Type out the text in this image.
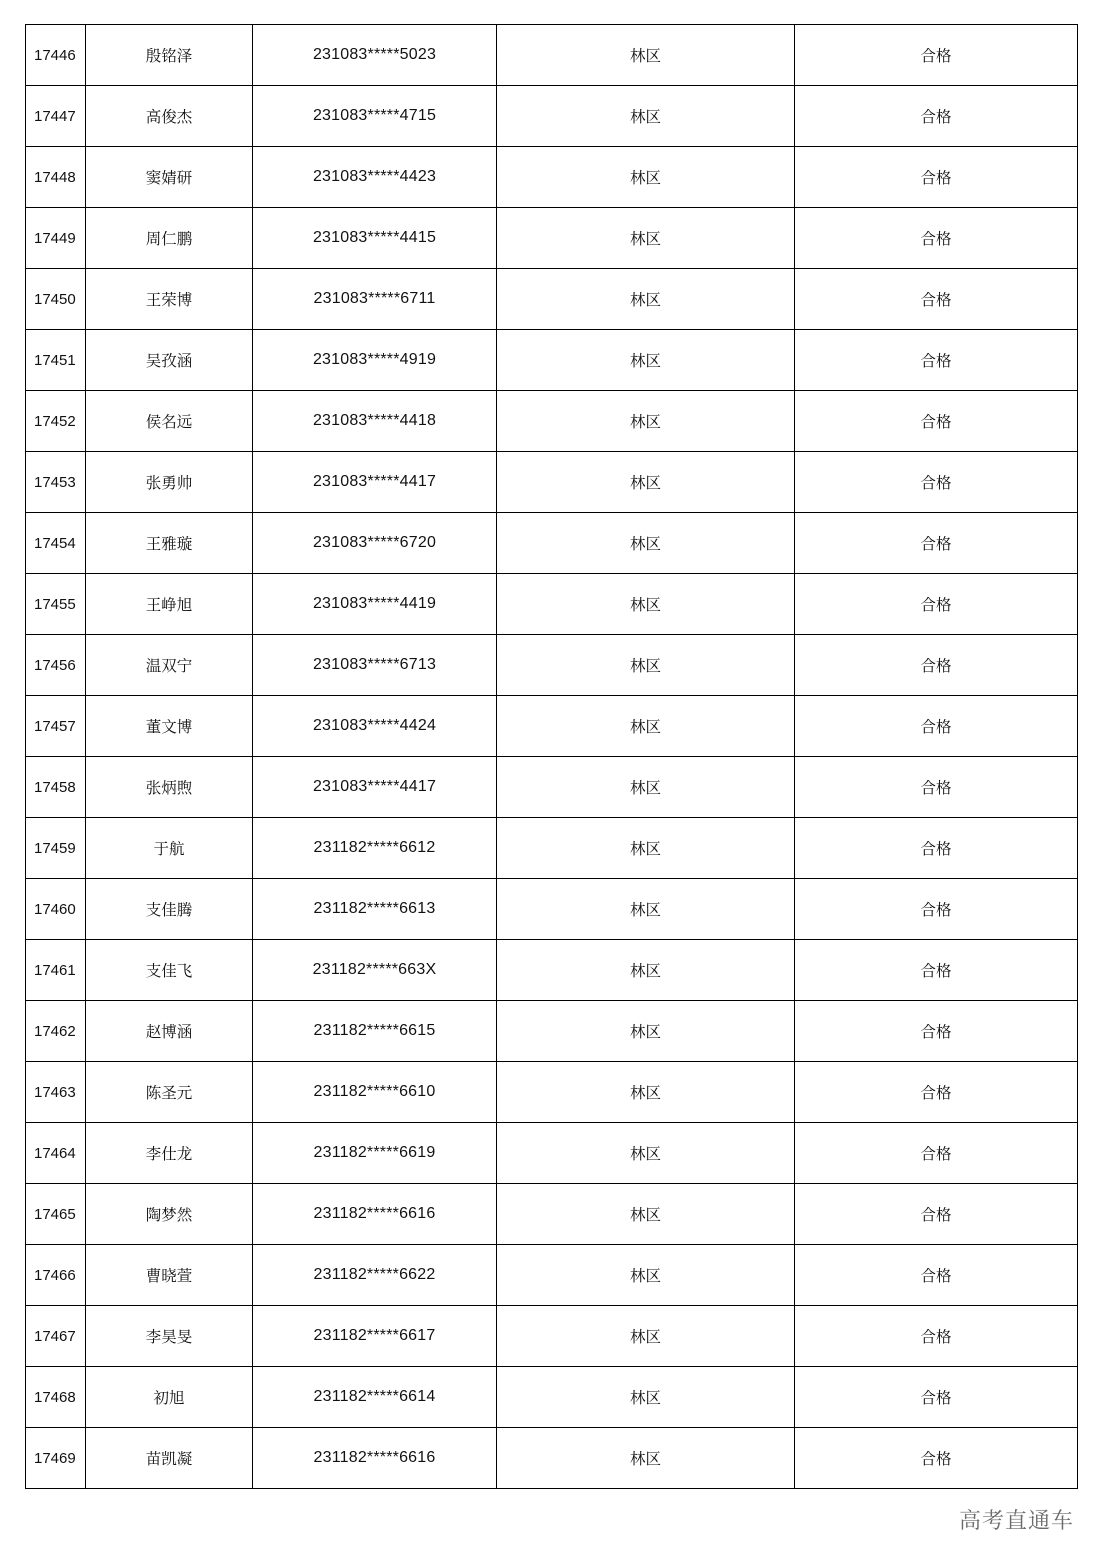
17446	殷铭泽	231083*****5023	林区	合格
17447	高俊杰	231083*****4715	林区	合格
17448	窦婧研	231083*****4423	林区	合格
17449	周仁鹏	231083*****4415	林区	合格
17450	王荣博	231083*****6711	林区	合格
17451	吴孜涵	231083*****4919	林区	合格
17452	侯名远	231083*****4418	林区	合格
17453	张勇帅	231083*****4417	林区	合格
17454	王雅璇	231083*****6720	林区	合格
17455	王峥旭	231083*****4419	林区	合格
17456	温双宁	231083*****6713	林区	合格
17457	董文博	231083*****4424	林区	合格
17458	张炳煦	231083*****4417	林区	合格
17459	于航	231182*****6612	林区	合格
17460	支佳腾	231182*****6613	林区	合格
17461	支佳飞	231182*****663X	林区	合格
17462	赵博涵	231182*****6615	林区	合格
17463	陈圣元	231182*****6610	林区	合格
17464	李仕龙	231182*****6619	林区	合格
17465	陶梦然	231182*****6616	林区	合格
17466	曹晓萱	231182*****6622	林区	合格
17467	李昊旻	231182*****6617	林区	合格
17468	初旭	231182*****6614	林区	合格
17469	苗凯凝	231182*****6616	林区	合格
高考直通车
